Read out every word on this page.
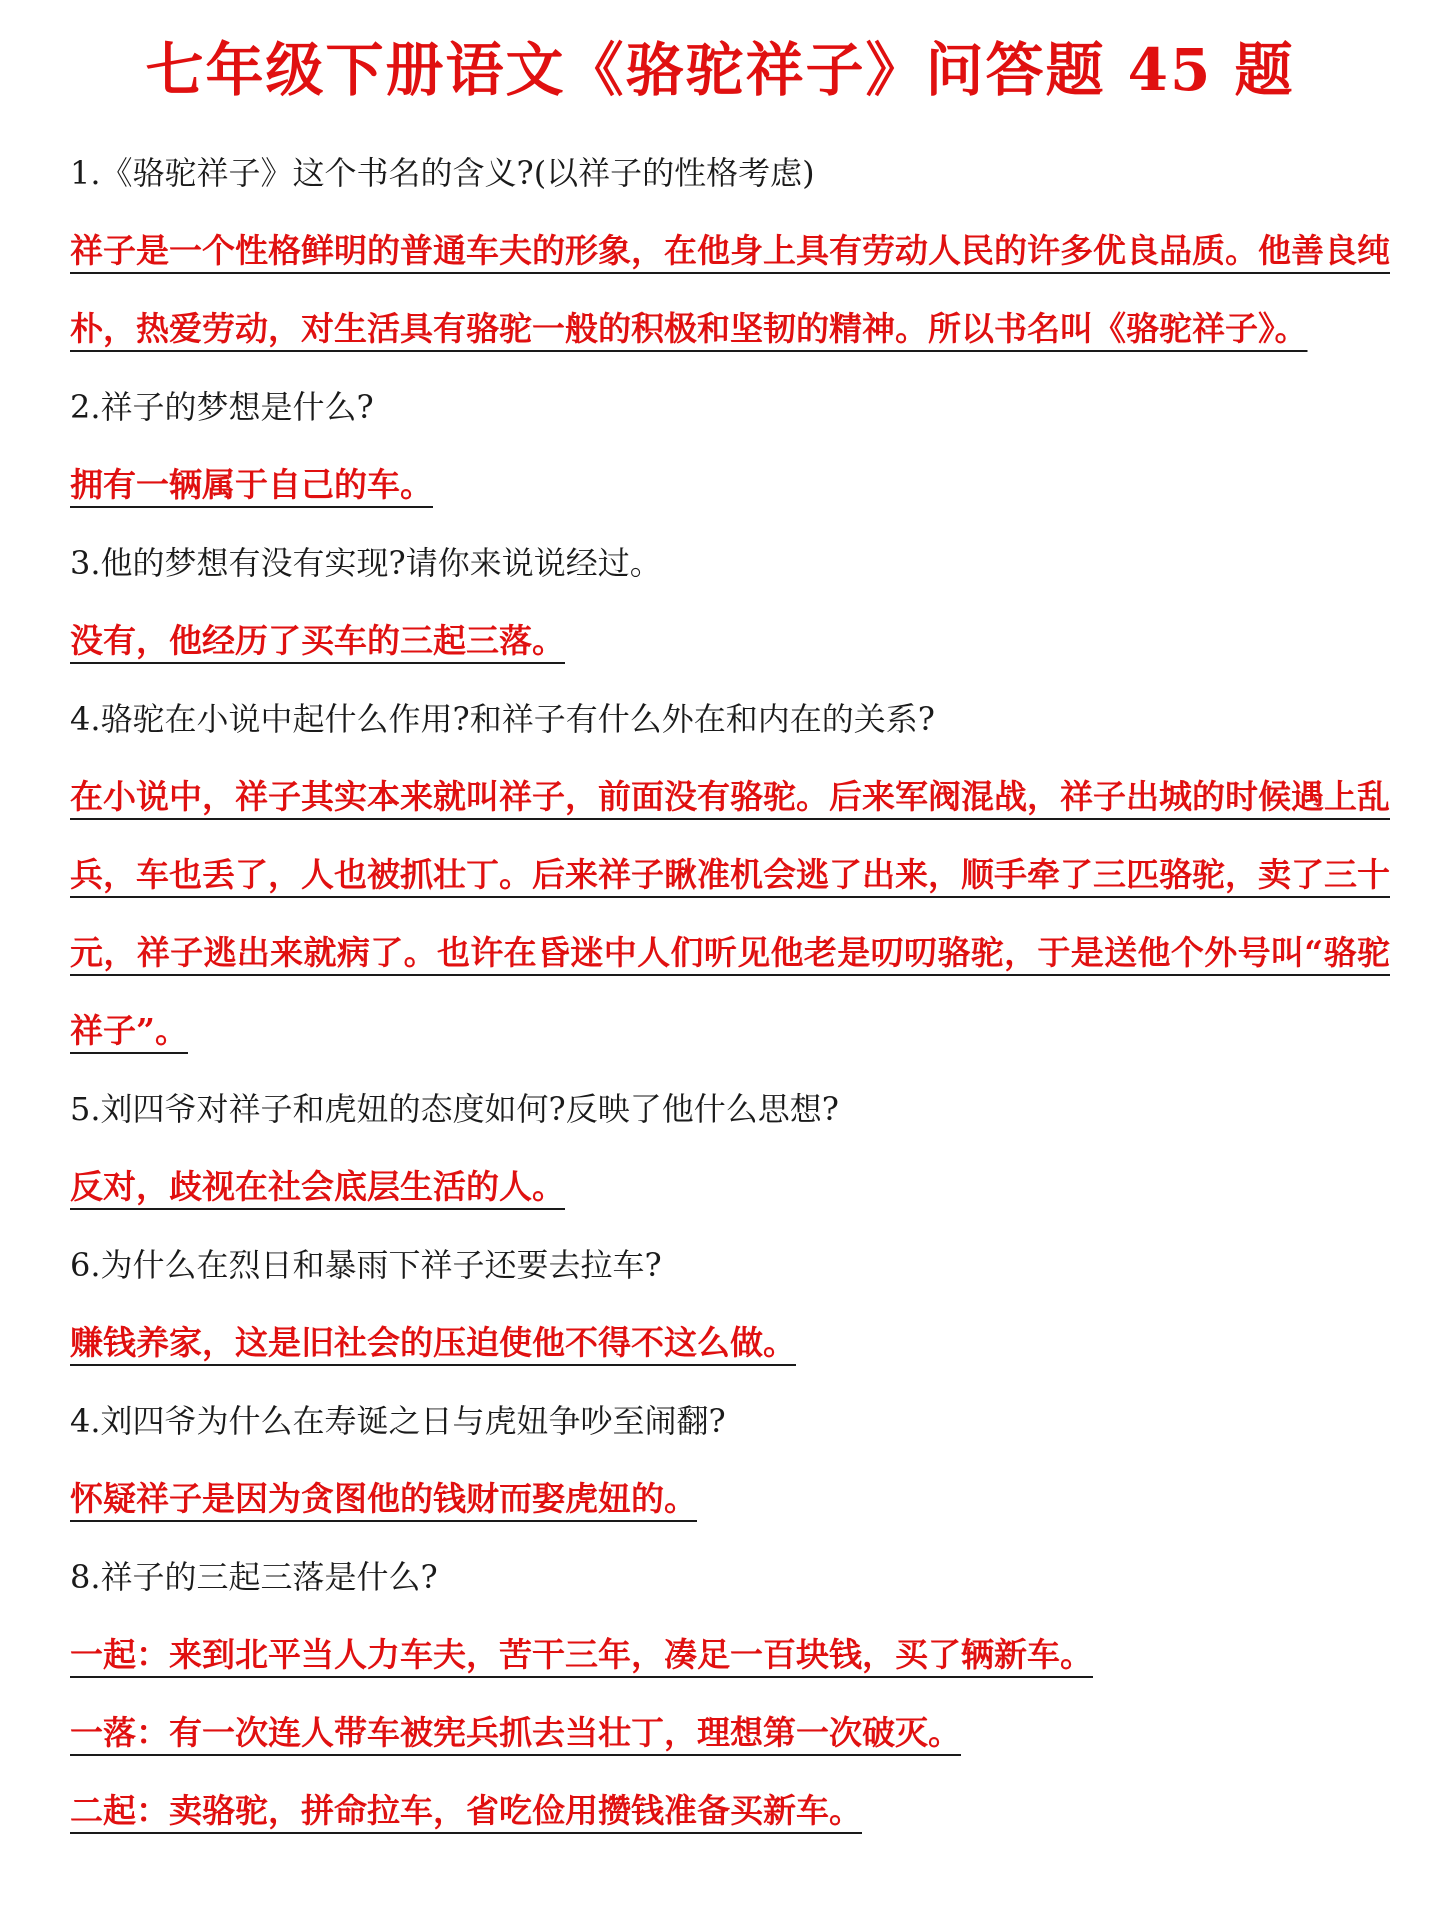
七年级下册语文《骆驼祥子》问答题 45 题
1.《骆驼祥子》这个书名的含义?(以祥子的性格考虑)
祥子是一个性格鲜明的普通车夫的形象，在他身上具有劳动人民的许多优良品质。他善良纯朴，热爱劳动，对生活具有骆驼一般的积极和坚韧的精神。所以书名叫《骆驼祥子》。
2.祥子的梦想是什么?
拥有一辆属于自己的车。
3.他的梦想有没有实现?请你来说说经过。
没有，他经历了买车的三起三落。
4.骆驼在小说中起什么作用?和祥子有什么外在和内在的关系?
在小说中，祥子其实本来就叫祥子，前面没有骆驼。后来军阀混战，祥子出城的时候遇上乱兵，车也丢了，人也被抓壮丁。后来祥子瞅准机会逃了出来，顺手牵了三匹骆驼，卖了三十元，祥子逃出来就病了。也许在昏迷中人们听见他老是叨叨骆驼，于是送他个外号叫“骆驼祥子”。
5.刘四爷对祥子和虎妞的态度如何?反映了他什么思想?
反对，歧视在社会底层生活的人。
6.为什么在烈日和暴雨下祥子还要去拉车?
赚钱养家，这是旧社会的压迫使他不得不这么做。
4.刘四爷为什么在寿诞之日与虎妞争吵至闹翻?
怀疑祥子是因为贪图他的钱财而娶虎妞的。
8.祥子的三起三落是什么?
一起：来到北平当人力车夫，苦干三年，凑足一百块钱，买了辆新车。
一落：有一次连人带车被宪兵抓去当壮丁，理想第一次破灭。
二起：卖骆驼，拼命拉车，省吃俭用攒钱准备买新车。
